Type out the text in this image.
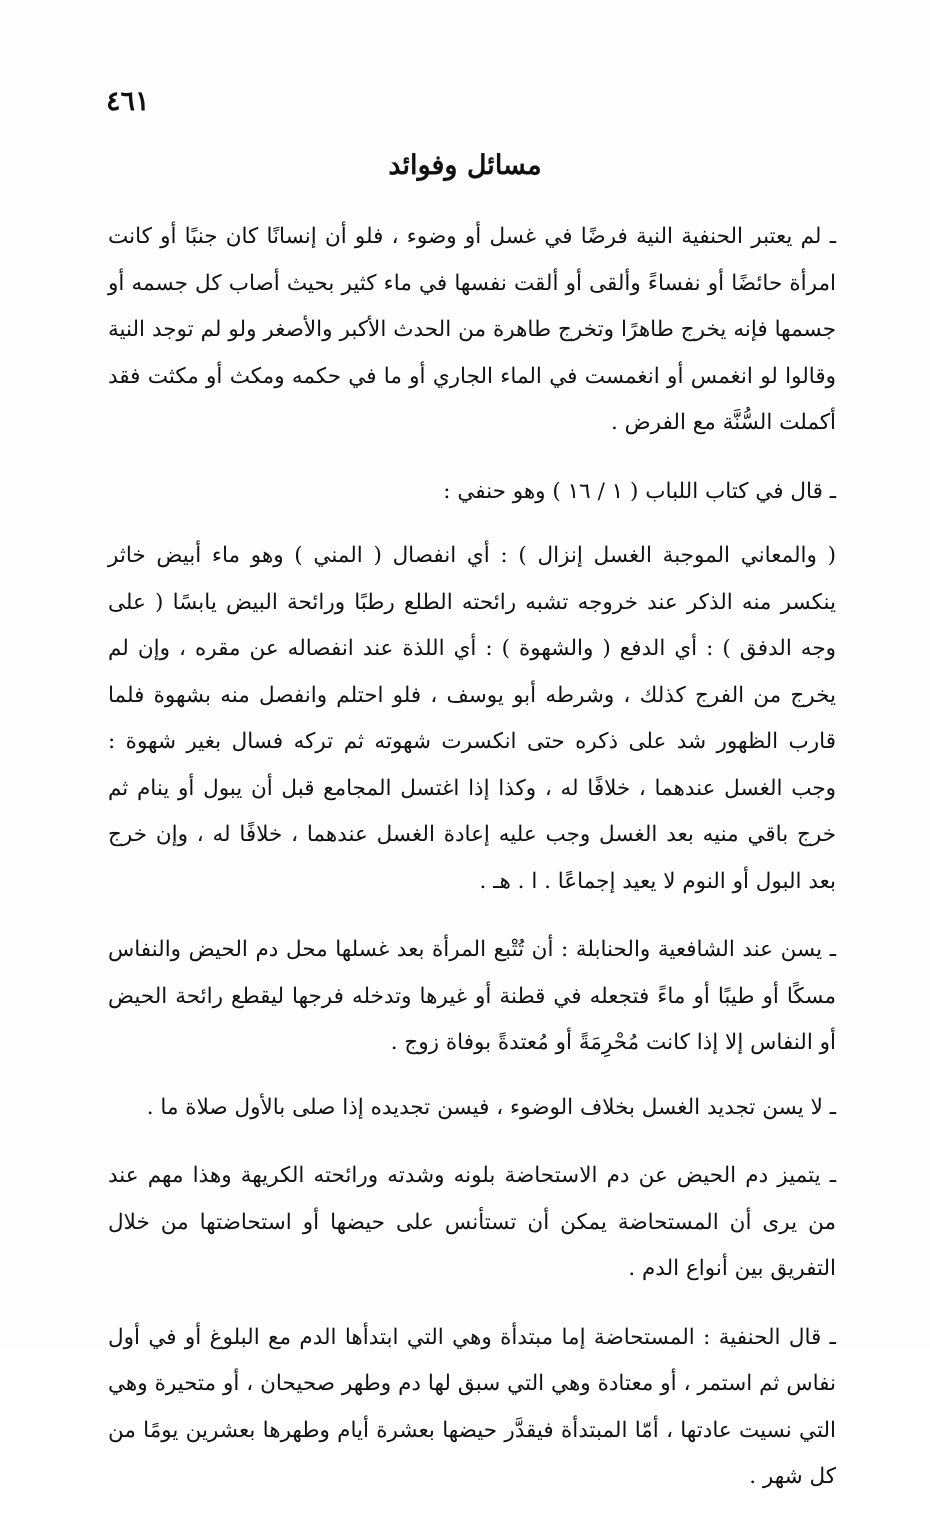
٤٦١
مسائل وفوائد

ـ لم يعتبر الحنفية النية فرضًا في غسل أو وضوء ، فلو أن إنسانًا كان جنبًا أو كانت امرأة حائضًا أو نفساءً وألقى أو ألقت نفسها في ماء كثير بحيث أصاب كل جسمه أو جسمها فإنه يخرج طاهرًا وتخرج طاهرة من الحدث الأكبر والأصغر ولو لم توجد النية وقالوا لو انغمس أو انغمست في الماء الجاري أو ما في حكمه ومكث أو مكثت فقد أكملت السُّنَّة مع الفرض .

ـ قال في كتاب اللباب ( ١ / ١٦ ) وهو حنفي :

( والمعاني الموجبة الغسل إنزال ) : أي انفصال ( المني ) وهو ماء أبيض خاثر ينكسر منه الذكر عند خروجه تشبه رائحته الطلع رطبًا ورائحة البيض يابسًا ( على وجه الدفق ) : أي الدفع ( والشهوة ) : أي اللذة عند انفصاله عن مقره ، وإن لم يخرج من الفرج كذلك ، وشرطه أبو يوسف ، فلو احتلم وانفصل منه بشهوة فلما قارب الظهور شد على ذكره حتى انكسرت شهوته ثم تركه فسال بغير شهوة : وجب الغسل عندهما ، خلافًا له ، وكذا إذا اغتسل المجامع قبل أن يبول أو ينام ثم خرج باقي منيه بعد الغسل وجب عليه إعادة الغسل عندهما ، خلافًا له ، وإن خرج بعد البول أو النوم لا يعيد إجماعًا . ا . هـ .

ـ يسن عند الشافعية والحنابلة : أن تُتْبع المرأة بعد غسلها محل دم الحيض والنفاس مسكًا أو طيبًا أو ماءً فتجعله في قطنة أو غيرها وتدخله فرجها ليقطع رائحة الحيض أو النفاس إلا إذا كانت مُحْرِمَةً أو مُعتدةً بوفاة زوج .

ـ لا يسن تجديد الغسل بخلاف الوضوء ، فيسن تجديده إذا صلى بالأول صلاة ما .

ـ يتميز دم الحيض عن دم الاستحاضة بلونه وشدته ورائحته الكريهة وهذا مهم عند من يرى أن المستحاضة يمكن أن تستأنس على حيضها أو استحاضتها من خلال التفريق بين أنواع الدم .

ـ قال الحنفية : المستحاضة إما مبتدأة وهي التي ابتدأها الدم مع البلوغ أو في أول نفاس ثم استمر ، أو معتادة وهي التي سبق لها دم وطهر صحيحان ، أو متحيرة وهي التي نسيت عادتها ، أمّا المبتدأة فيقدَّر حيضها بعشرة أيام وطهرها بعشرين يومًا من كل شهر .
